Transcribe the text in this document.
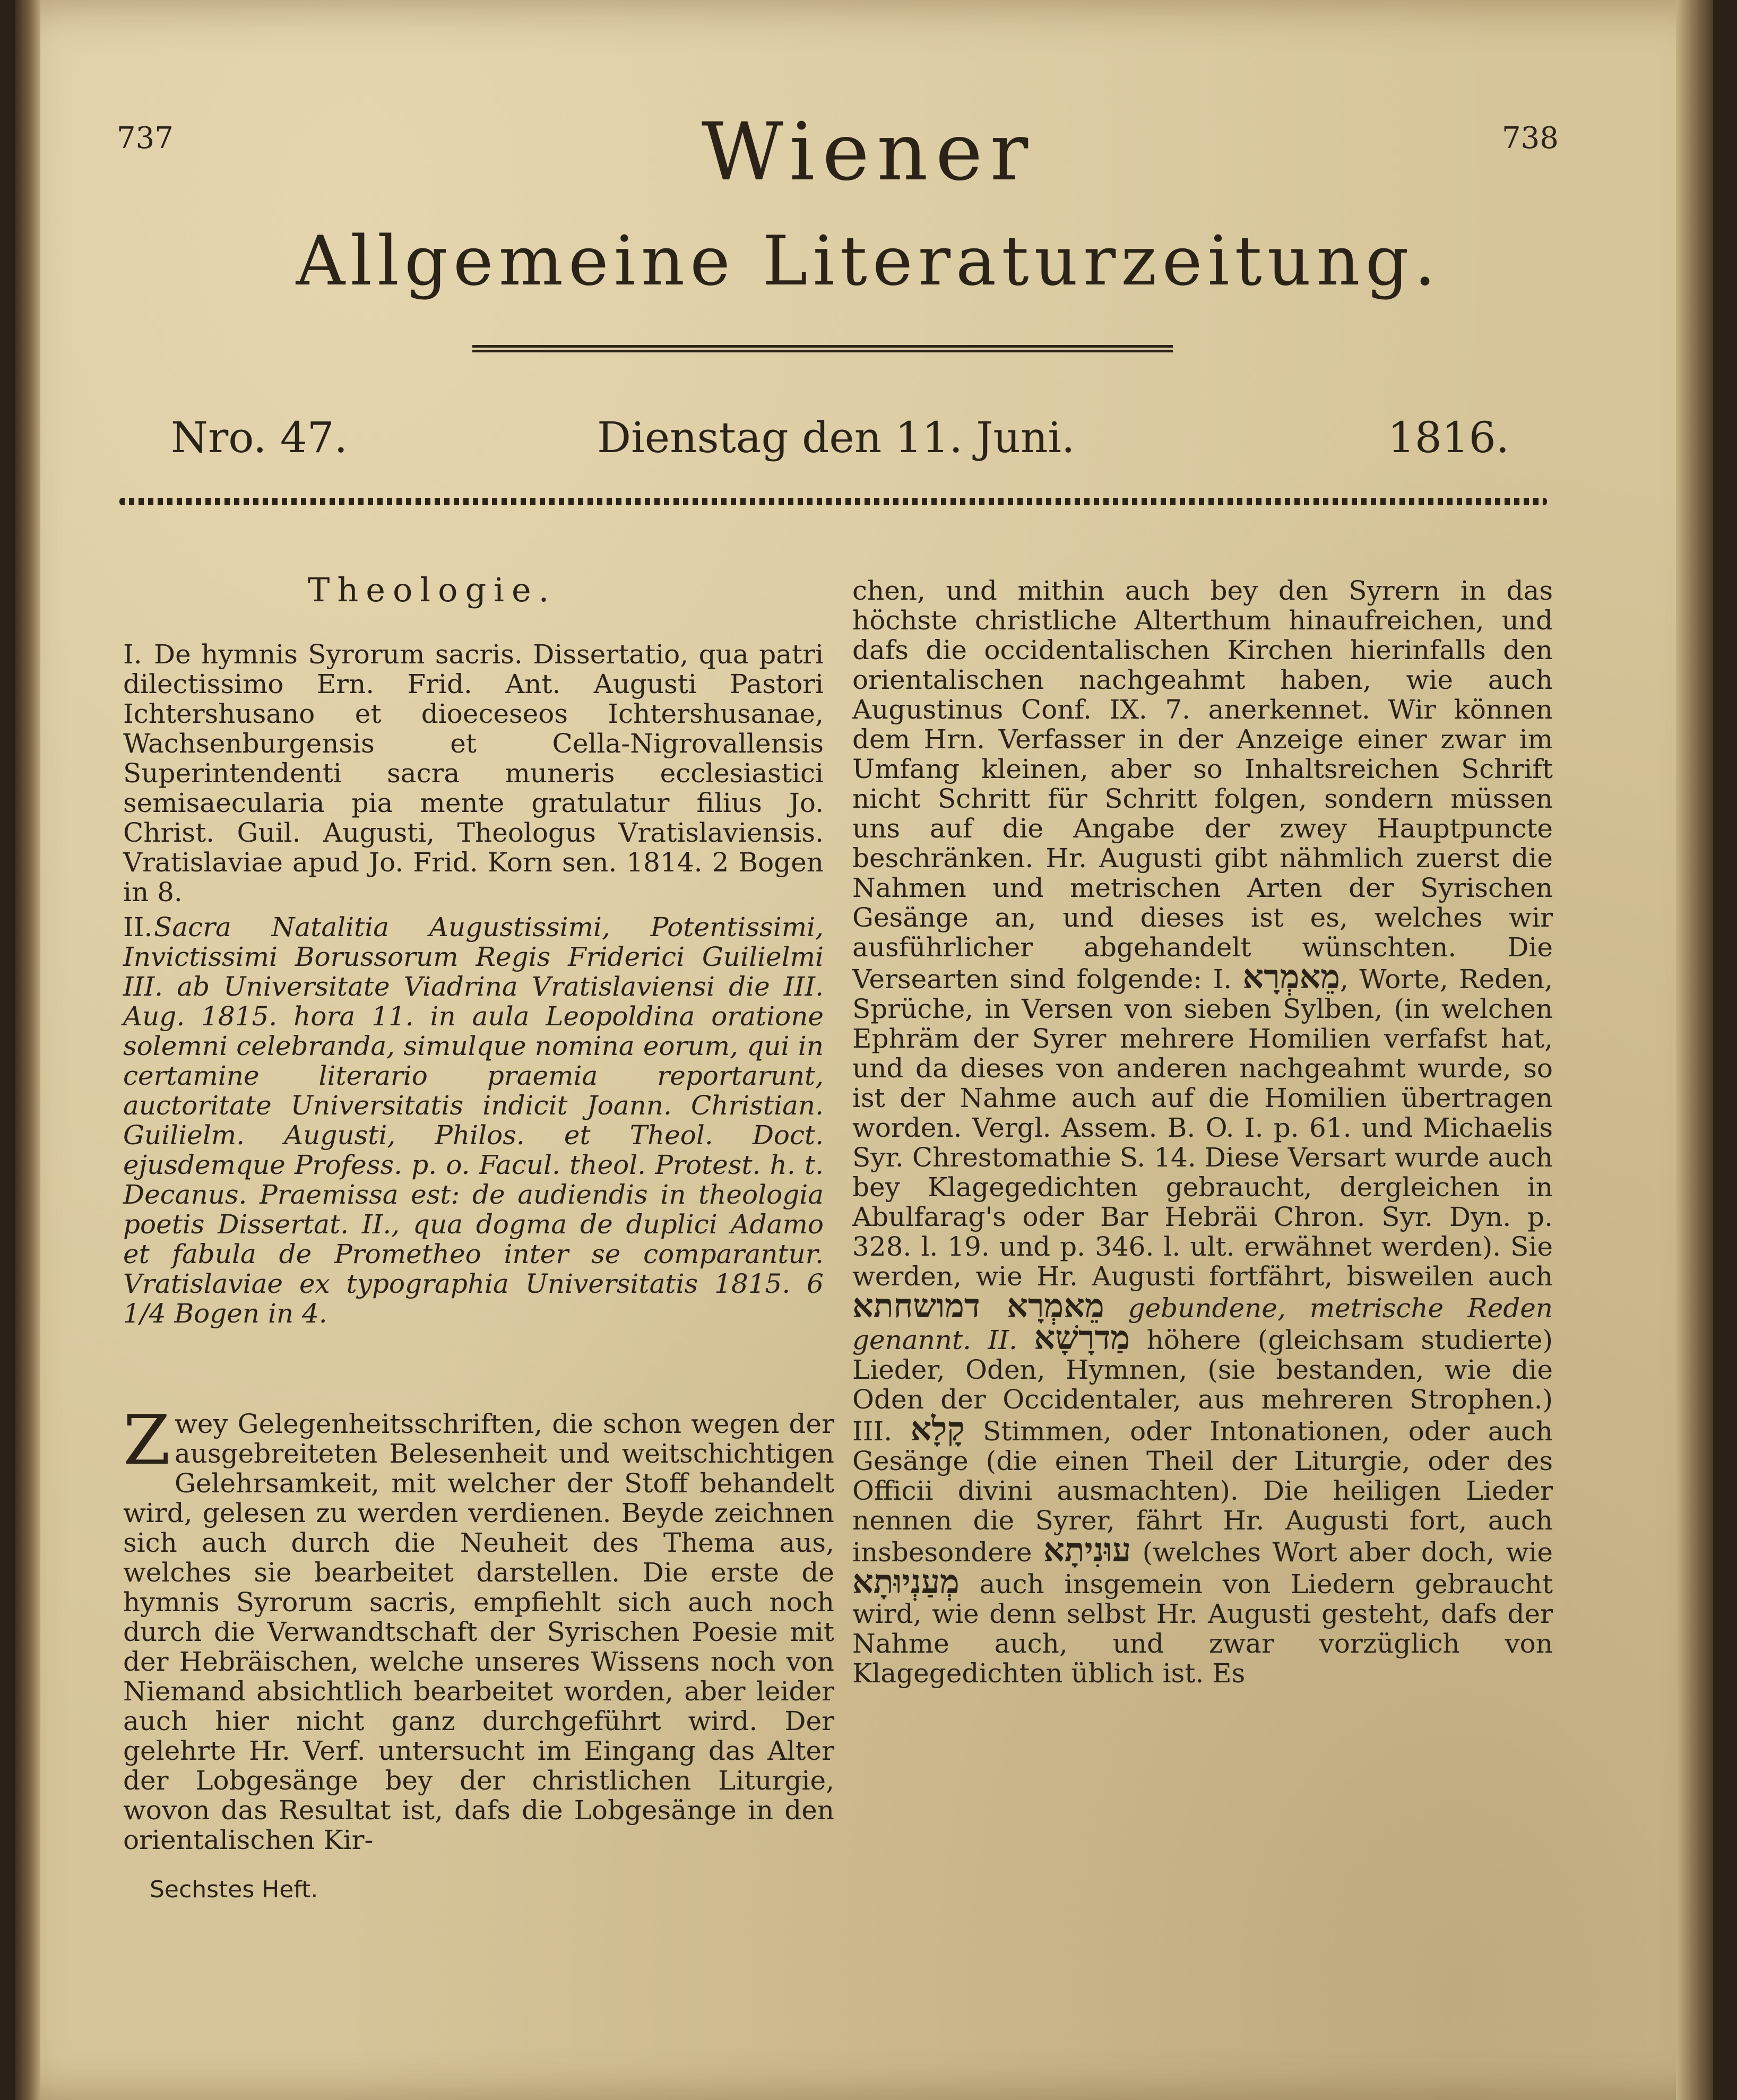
737	738
Wiener
Allgemeine Literaturzeitung.
Nro. 47.	Dienstag den 11. Juni.	1816.
Theologie.

I. De hymnis Syrorum sacris. Dissertatio, qua patri dilectissimo Ern. Frid. Ant. Augusti Pastori Ichtershusano et dioeceseos Ichtershusanae, Wachsenburgensis et Cella-Nigrovallensis Superintendenti sacra muneris ecclesiastici semisaecularia pia mente gratulatur filius Jo. Christ. Guil. Augusti, Theologus Vratislaviensis. Vratislaviae apud Jo. Frid. Korn sen. 1814. 2 Bogen in 8.

II.Sacra Natalitia Augustissimi, Potentissimi, Invictissimi Borussorum Regis Friderici Guilielmi III. ab Universitate Viadrina Vratislaviensi die III. Aug. 1815. hora 11. in aula Leopoldina oratione solemni celebranda, simulque nomina eorum, qui in certamine literario praemia reportarunt, auctoritate Universitatis indicit Joann. Christian. Guilielm. Augusti, Philos. et Theol. Doct. ejusdemque Profess. p. o. Facul. theol. Protest. h. t. Decanus. Praemissa est: de audiendis in theologia poetis Dissertat. II., qua dogma de duplici Adamo et fabula de Prometheo inter se comparantur. Vratislaviae ex typographia Universitatis 1815. 6 1/4 Bogen in 4.

Zwey Gelegenheitsschriften, die schon wegen der ausgebreiteten Belesenheit und weitschichtigen Gelehrsamkeit, mit welcher der Stoff behandelt wird, gelesen zu werden verdienen. Beyde zeichnen sich auch durch die Neuheit des Thema aus, welches sie bearbeitet darstellen. Die erste de hymnis Syrorum sacris, empfiehlt sich auch noch durch die Verwandtschaft der Syrischen Poesie mit der Hebräischen, welche unseres Wissens noch von Niemand absichtlich bearbeitet worden, aber leider auch hier nicht ganz durchgeführt wird. Der gelehrte Hr. Verf. untersucht im Eingang das Alter der Lobgesänge bey der christlichen Liturgie, wovon das Resultat ist, dafs die Lobgesänge in den orientalischen Kir-

chen, und mithin auch bey den Syrern in das höchste christliche Alterthum hinaufreichen, und dafs die occidentalischen Kirchen hierinfalls den orientalischen nachgeahmt haben, wie auch Augustinus Conf. IX. 7. anerkennet. Wir können dem Hrn. Verfasser in der Anzeige einer zwar im Umfang kleinen, aber so Inhaltsreichen Schrift nicht Schritt für Schritt folgen, sondern müssen uns auf die Angabe der zwey Hauptpuncte beschränken. Hr. Augusti gibt nähmlich zuerst die Nahmen und metrischen Arten der Syrischen Gesänge an, und dieses ist es, welches wir ausführlicher abgehandelt wünschten. Die Versearten sind folgende: I. מֵאמְרָא, Worte, Reden, Sprüche, in Versen von sieben Sylben, (in welchen Ephräm der Syrer mehrere Homilien verfafst hat, und da dieses von anderen nachgeahmt wurde, so ist der Nahme auch auf die Homilien übertragen worden. Vergl. Assem. B. O. I. p. 61. und Michaelis Syr. Chrestomathie S. 14. Diese Versart wurde auch bey Klagegedichten gebraucht, dergleichen in Abulfarag's oder Bar Hebräi Chron. Syr. Dyn. p. 328. l. 19. und p. 346. l. ult. erwähnet werden). Sie werden, wie Hr. Augusti fortfährt, bisweilen auch מֵאמְרָא דמושחתא gebundene, metrische Reden genannt. II. מַדרָשָׁא höhere (gleichsam studierte) Lieder, Oden, Hymnen, (sie bestanden, wie die Oden der Occidentaler, aus mehreren Strophen.) III. קָלָא Stimmen, oder Intonationen, oder auch Gesänge (die einen Theil der Liturgie, oder des Officii divini ausmachten). Die heiligen Lieder nennen die Syrer, fährt Hr. Augusti fort, auch insbesondere עוּנִיתָא (welches Wort aber doch, wie מְעַנְיוּתָא auch insgemein von Liedern gebraucht wird, wie denn selbst Hr. Augusti gesteht, dafs der Nahme auch, und zwar vorzüglich von Klagegedichten üblich ist. Es

Sechstes Heft.
